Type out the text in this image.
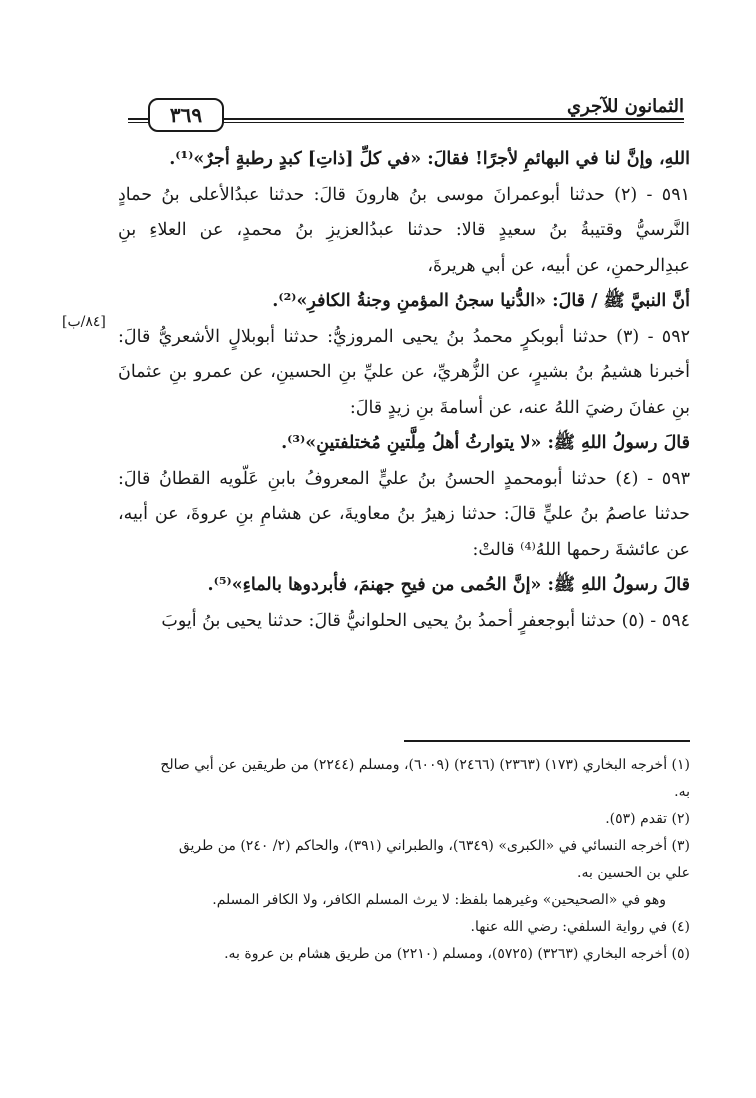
٣٦٩	الثمانون للآجري
[٨٤/ب]

اللهِ، وإنَّ لنا في البهائمِ لأجرًا! فقالَ: «في كلِّ [ذاتِ] كبدٍ رطبةٍ أجرٌ»⁽¹⁾.

٥٩١ - (٢) حدثنا أبوعمرانَ موسى بنُ هارونَ قالَ: حدثنا عبدُالأعلى بنُ حمادٍ النَّرسيُّ وقتيبةُ بنُ سعيدٍ قالا: حدثنا عبدُالعزيزِ بنُ محمدٍ، عن العلاءِ بنِ عبدِالرحمنِ، عن أبيه، عن أبي هريرةَ،

أنَّ النبيَّ ﷺ / قالَ: «الدُّنيا سجنُ المؤمنِ وجنةُ الكافرِ»⁽²⁾.

٥٩٢ - (٣) حدثنا أبوبكرٍ محمدُ بنُ يحيى المروزيُّ: حدثنا أبوبلالٍ الأشعريُّ قالَ: أخبرنا هشيمُ بنُ بشيرٍ، عن الزُّهريِّ، عن عليِّ بنِ الحسينِ، عن عمرو بنِ عثمانَ بنِ عفانَ رضيَ اللهُ عنه، عن أسامةَ بنِ زيدٍ قالَ:

قالَ رسولُ اللهِ ﷺ: «لا يتوارثُ أهلُ مِلَّتينِ مُختلفتينِ»⁽³⁾.

٥٩٣ - (٤) حدثنا أبومحمدٍ الحسنُ بنُ عليٍّ المعروفُ بابنِ عَلّويه القطانُ قالَ: حدثنا عاصمُ بنُ عليٍّ قالَ: حدثنا زهيرُ بنُ معاويةَ، عن هشامِ بنِ عروةَ، عن أبيه، عن عائشةَ رحمها اللهُ⁽⁴⁾ قالتْ:

قالَ رسولُ اللهِ ﷺ: «إنَّ الحُمى من فيحِ جهنمَ، فأبردوها بالماءِ»⁽⁵⁾.

٥٩٤ - (٥) حدثنا أبوجعفرٍ أحمدُ بنُ يحيى الحلوانيُّ قالَ: حدثنا يحيى بنُ أيوبَ

(١) أخرجه البخاري (١٧٣) (٢٣٦٣) (٢٤٦٦) (٦٠٠٩)، ومسلم (٢٢٤٤) من طريقين عن أبي صالح به.

(٢) تقدم (٥٣).

(٣) أخرجه النسائي في «الكبرى» (٦٣٤٩)، والطبراني (٣٩١)، والحاكم (٢/ ٢٤٠) من طريق علي بن الحسين به.

وهو في «الصحيحين» وغيرهما بلفظ: لا يرث المسلم الكافر، ولا الكافر المسلم.

(٤) في رواية السلفي: رضي الله عنها.

(٥) أخرجه البخاري (٣٢٦٣) (٥٧٢٥)، ومسلم (٢٢١٠) من طريق هشام بن عروة به.
